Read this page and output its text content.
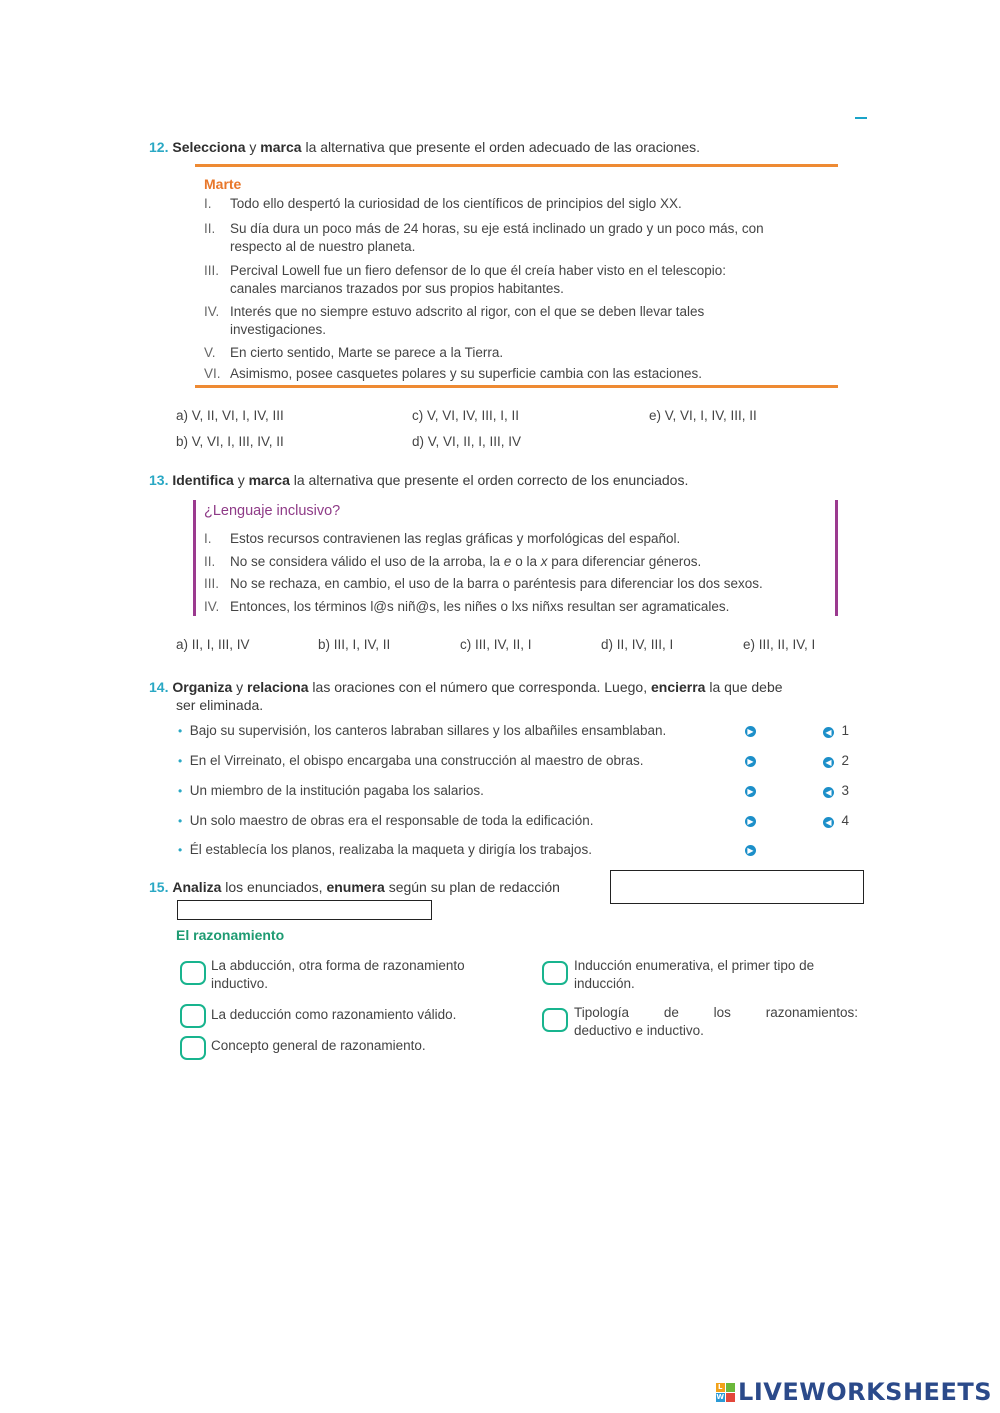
12. Selecciona y marca la alternativa que presente el orden adecuado de las oraciones.
Marte
I. Todo ello despertó la curiosidad de los científicos de principios del siglo XX.
II. Su día dura un poco más de 24 horas, su eje está inclinado un grado y un poco más, con
respecto al de nuestro planeta.
III. Percival Lowell fue un fiero defensor de lo que él creía haber visto en el telescopio:
canales marcianos trazados por sus propios habitantes.
IV. Interés que no siempre estuvo adscrito al rigor, con el que se deben llevar tales
investigaciones.
V. En cierto sentido, Marte se parece a la Tierra.
VI. Asimismo, posee casquetes polares y su superficie cambia con las estaciones.
a) V, II, VI, I, IV, III	c) V, VI, IV, III, I, II	e) V, VI, I, IV, III, II
b) V, VI, I, III, IV, II	d) V, VI, II, I, III, IV
13. Identifica y marca la alternativa que presente el orden correcto de los enunciados.
¿Lenguaje inclusivo?
I. Estos recursos contravienen las reglas gráficas y morfológicas del español.
II. No se considera válido el uso de la arroba, la e o la x para diferenciar géneros.
III. No se rechaza, en cambio, el uso de la barra o paréntesis para diferenciar los dos sexos.
IV. Entonces, los términos l@s niñ@s, les niñes o lxs niñxs resultan ser agramaticales.
a) II, I, III, IV	b) III, I, IV, II	c) III, IV, II, I	d) II, IV, III, I	e) III, II, IV, I
14. Organiza y relaciona las oraciones con el número que corresponda. Luego, encierra la que debe
ser eliminada.
• Bajo su supervisión, los canteros labraban sillares y los albañiles ensamblaban.
• En el Virreinato, el obispo encargaba una construcción al maestro de obras.
• Un miembro de la institución pagaba los salarios.
• Un solo maestro de obras era el responsable de toda la edificación.
• Él establecía los planos, realizaba la maqueta y dirigía los trabajos.
▶
▶
▶
▶
▶
◀ 1
◀ 2
◀ 3
◀ 4
15. Analiza los enunciados, enumera según su plan de redacción
El razonamiento
La abducción, otra forma de razonamiento
inductivo.
La deducción como razonamiento válido.
Concepto general de razonamiento.
Inducción enumerativa, el primer tipo de
inducción.
Tipología de los razonamientos:
deductivo e inductivo.
L
W LIVEWORKSHEETS
